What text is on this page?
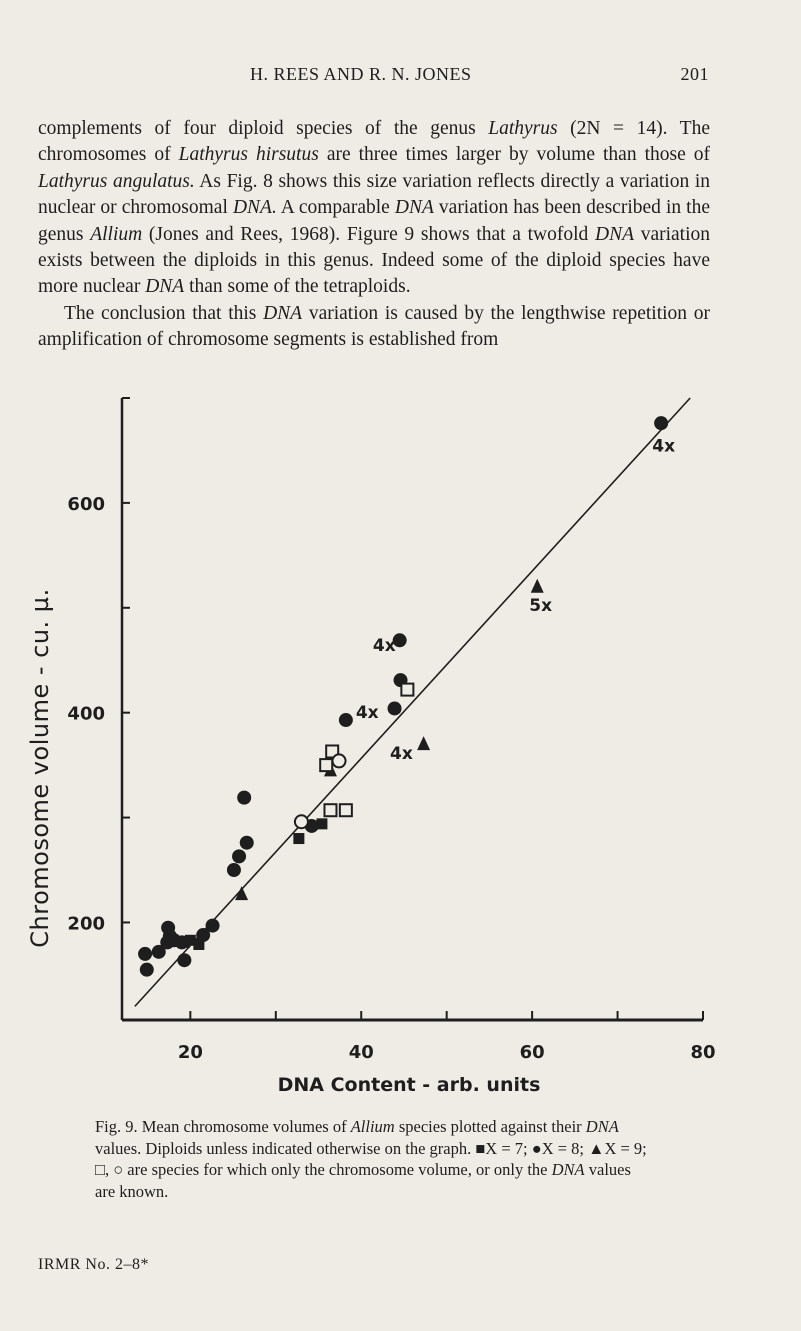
H. REES AND R. N. JONES	201

complements of four diploid species of the genus Lathyrus (2N = 14). The chromosomes of Lathyrus hirsutus are three times larger by volume than those of Lathyrus angulatus. As Fig. 8 shows this size variation reflects directly a variation in nuclear or chromosomal DNA. A comparable DNA variation has been described in the genus Allium (Jones and Rees, 1968). Figure 9 shows that a twofold DNA variation exists between the diploids in this genus. Indeed some of the diploid species have more nuclear DNA than some of the tetraploids.

The conclusion that this DNA variation is caused by the lengthwise repetition or amplification of chromosome segments is established from

200
400
600
20	40	60	80
4x
5x
4x
4x
4x
Chromosome volume - cu. µ.
DNA Content - arb. units
Fig. 9. Mean chromosome volumes of Allium species plotted against their DNA values. Diploids unless indicated otherwise on the graph. ■X = 7; ●X = 8; ▲X = 9; □, ○ are species for which only the chromosome volume, or only the DNA values are known.
IRMR No. 2–8*
